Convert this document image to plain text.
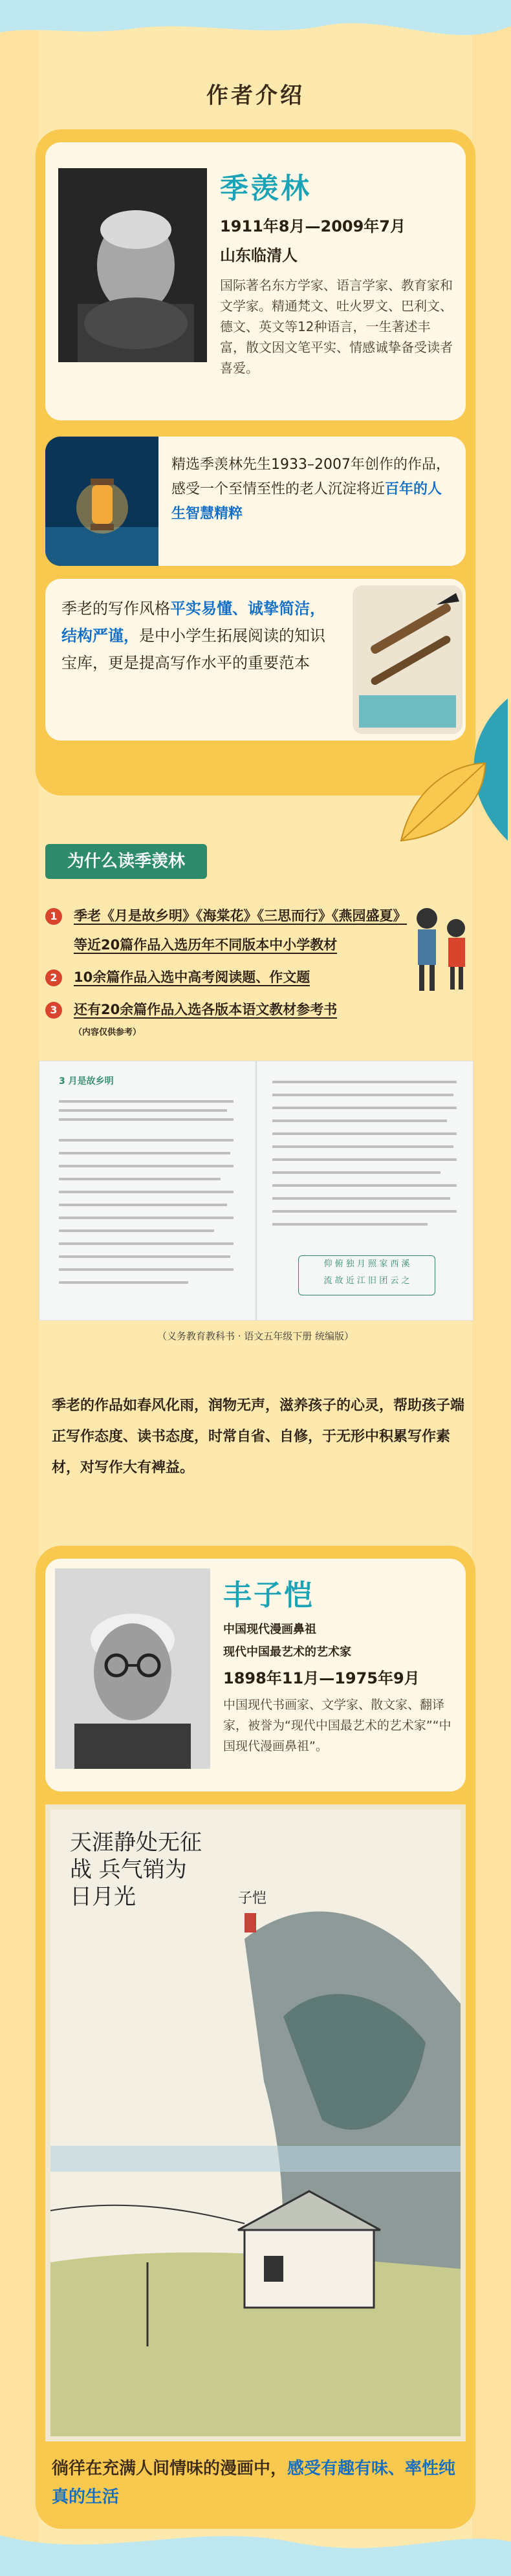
作者介绍
季羡林
1911年8月—2009年7月
山东临清人
国际著名东方学家、语言学家、教育家和文学家。精通梵文、吐火罗文、巴利文、德文、英文等12种语言，一生著述丰富，散文因文笔平实、情感诚挚备受读者喜爱。
精选季羡林先生1933–2007年创作的作品，感受一个至情至性的老人沉淀将近百年的人生智慧精粹
季老的写作风格平实易懂、诚挚简洁，结构严谨，是中小学生拓展阅读的知识宝库，更是提高写作水平的重要范本
为什么读季羡林
1 季老《月是故乡明》《海棠花》《三思而行》《燕园盛夏》
等近20篇作品入选历年不同版本中小学教材
2 10余篇作品入选中高考阅读题、作文题
3 还有20余篇作品入选各版本语文教材参考书
（内容仅供参考）
3 月是故乡明
仰 俯 独 月 照 家 西 溪
流 故 近 江 旧 团 云 之
（义务教育教科书 · 语文五年级下册 统编版）
季老的作品如春风化雨，润物无声，滋养孩子的心灵，帮助孩子端正写作态度、读书态度，时常自省、自修，于无形中积累写作素材，对写作大有裨益。
丰子恺
中国现代漫画鼻祖
现代中国最艺术的艺术家
1898年11月—1975年9月
中国现代书画家、文学家、散文家、翻译家，被誉为“现代中国最艺术的艺术家”“中国现代漫画鼻祖”。
天涯静处无征战 兵气销为日月光	子恺
徜徉在充满人间情味的漫画中，感受有趣有味、率性纯真的生活
